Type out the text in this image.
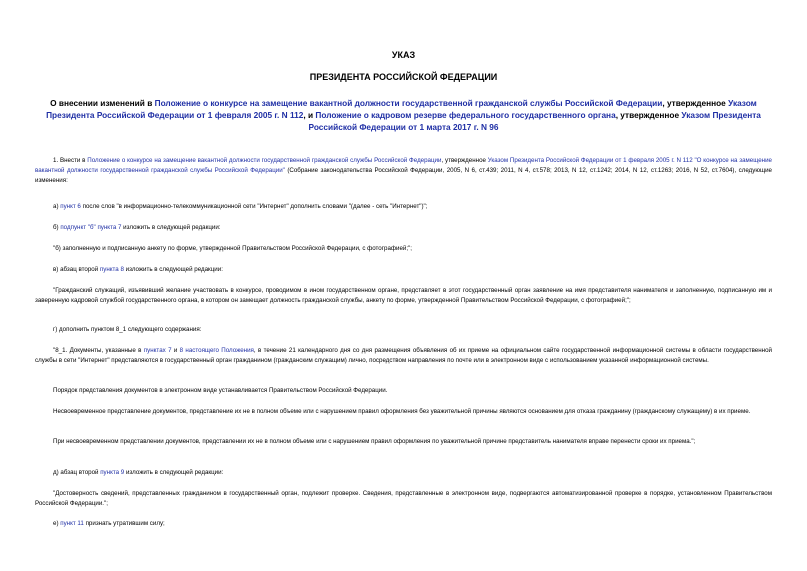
УКАЗ
ПРЕЗИДЕНТА РОССИЙСКОЙ ФЕДЕРАЦИИ
О внесении изменений в Положение о конкурсе на замещение вакантной должности государственной гражданской службы Российской Федерации, утвержденное Указом Президента Российской Федерации от 1 февраля 2005 г. N 112, и Положение о кадровом резерве федерального государственного органа, утвержденное Указом Президента Российской Федерации от 1 марта 2017 г. N 96
1. Внести в Положение о конкурсе на замещение вакантной должности государственной гражданской службы Российской Федерации, утвержденное Указом Президента Российской Федерации от 1 февраля 2005 г. N 112 "О конкурсе на замещение вакантной должности государственной гражданской службы Российской Федерации" (Собрание законодательства Российской Федерации, 2005, N 6, ст.439; 2011, N 4, ст.578; 2013, N 12, ст.1242; 2014, N 12, ст.1263; 2016, N 52, ст.7604), следующие изменения:
а) пункт 6 после слов "в информационно-телекоммуникационной сети "Интернет" дополнить словами "(далее - сеть "Интернет")";
б) подпункт "б" пункта 7 изложить в следующей редакции:
"б) заполненную и подписанную анкету по форме, утвержденной Правительством Российской Федерации, с фотографией;";
в) абзац второй пункта 8 изложить в следующей редакции:
"Гражданский служащий, изъявивший желание участвовать в конкурсе, проводимом в ином государственном органе, представляет в этот государственный орган заявление на имя представителя нанимателя и заполненную, подписанную им и заверенную кадровой службой государственного органа, в котором он замещает должность гражданской службы, анкету по форме, утвержденной Правительством Российской Федерации, с фотографией;";
г) дополнить пунктом 8_1 следующего содержания:
"8_1. Документы, указанные в пунктах 7 и 8 настоящего Положения, в течение 21 календарного дня со дня размещения объявления об их приеме на официальном сайте государственной информационной системы в области государственной службы в сети "Интернет" представляются в государственный орган гражданином (гражданским служащим) лично, посредством направления по почте или в электронном виде с использованием указанной информационной системы.
Порядок представления документов в электронном виде устанавливается Правительством Российской Федерации.
Несвоевременное представление документов, представление их не в полном объеме или с нарушением правил оформления без уважительной причины являются основанием для отказа гражданину (гражданскому служащему) в их приеме.
При несвоевременном представлении документов, представлении их не в полном объеме или с нарушением правил оформления по уважительной причине представитель нанимателя вправе перенести сроки их приема.";
д) абзац второй пункта 9 изложить в следующей редакции:
"Достоверность сведений, представленных гражданином в государственный орган, подлежит проверке. Сведения, представленные в электронном виде, подвергаются автоматизированной проверке в порядке, установленном Правительством Российской Федерации.";
е) пункт 11 признать утратившим силу;
